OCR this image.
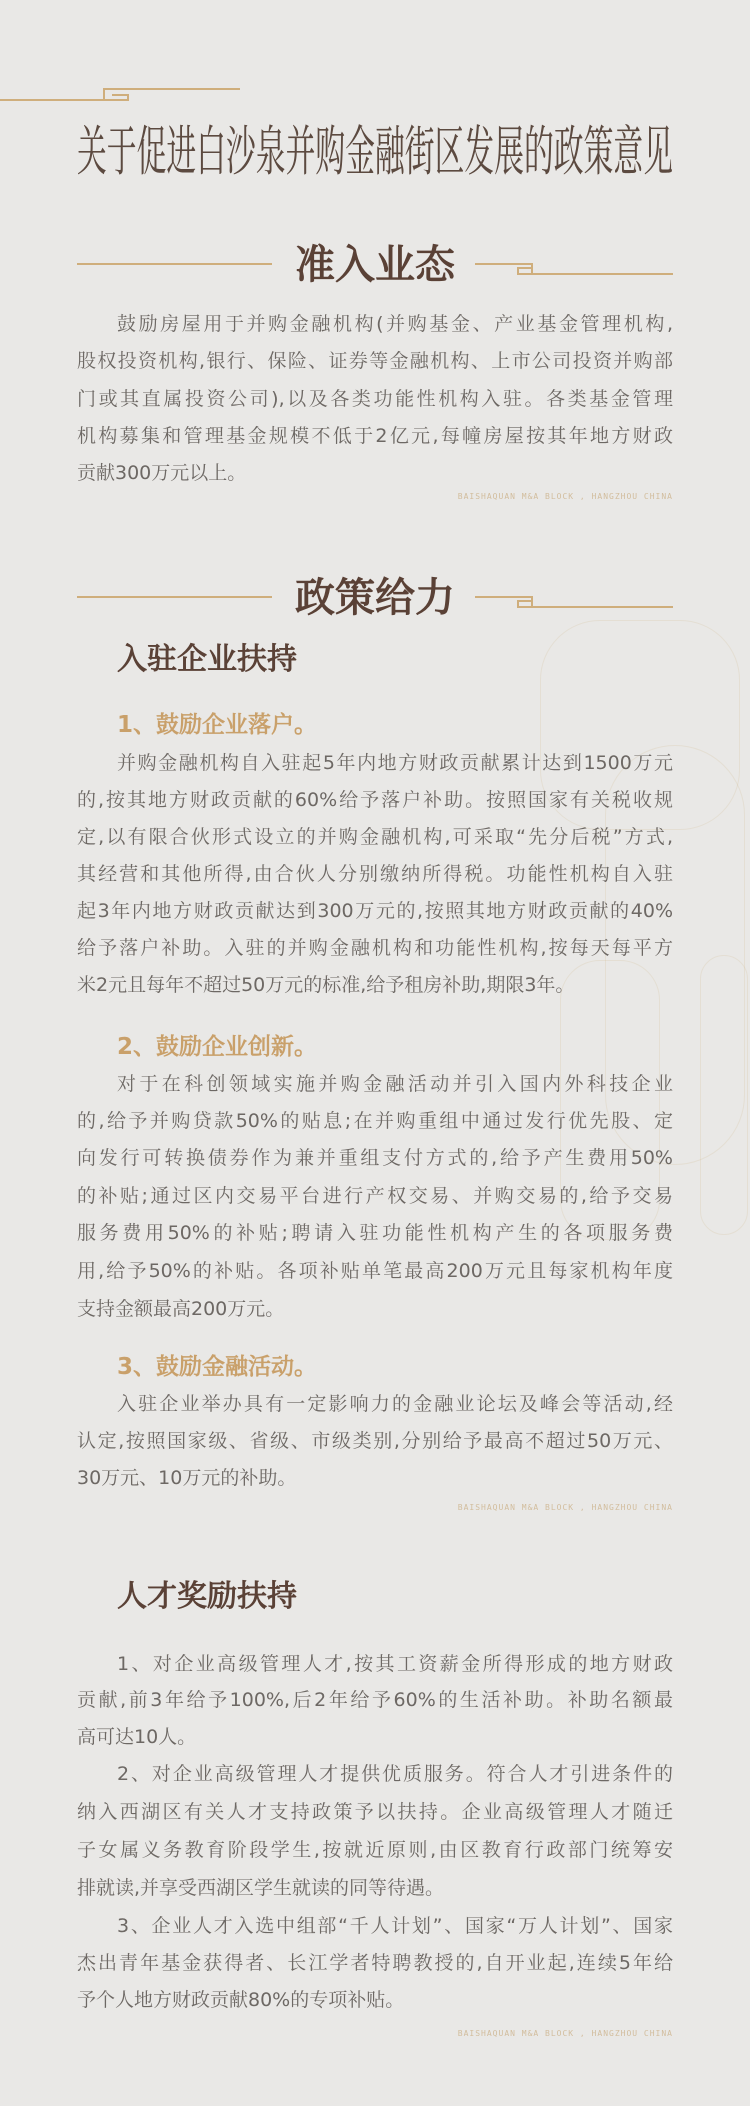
关于促进白沙泉并购金融街区发展的政策意见
准入业态
鼓励房屋用于并购金融机构(并购基金、产业基金管理机构,
股权投资机构,银行、保险、证券等金融机构、上市公司投资并购部
门或其直属投资公司),以及各类功能性机构入驻。各类基金管理
机构募集和管理基金规模不低于2亿元,每幢房屋按其年地方财政
贡献300万元以上。
BAISHAQUAN M&A BLOCK , HANGZHOU CHINA
政策给力
入驻企业扶持
1、鼓励企业落户。
并购金融机构自入驻起5年内地方财政贡献累计达到1500万元
的,按其地方财政贡献的60%给予落户补助。按照国家有关税收规
定,以有限合伙形式设立的并购金融机构,可采取“先分后税”方式,
其经营和其他所得,由合伙人分别缴纳所得税。功能性机构自入驻
起3年内地方财政贡献达到300万元的,按照其地方财政贡献的40%
给予落户补助。入驻的并购金融机构和功能性机构,按每天每平方
米2元且每年不超过50万元的标准,给予租房补助,期限3年。
2、鼓励企业创新。
对于在科创领域实施并购金融活动并引入国内外科技企业
的,给予并购贷款50%的贴息;在并购重组中通过发行优先股、定
向发行可转换债券作为兼并重组支付方式的,给予产生费用50%
的补贴;通过区内交易平台进行产权交易、并购交易的,给予交易
服务费用50%的补贴;聘请入驻功能性机构产生的各项服务费
用,给予50%的补贴。各项补贴单笔最高200万元且每家机构年度
支持金额最高200万元。
3、鼓励金融活动。
入驻企业举办具有一定影响力的金融业论坛及峰会等活动,经
认定,按照国家级、省级、市级类别,分别给予最高不超过50万元、
30万元、10万元的补助。
BAISHAQUAN M&A BLOCK , HANGZHOU CHINA
人才奖励扶持
1、对企业高级管理人才,按其工资薪金所得形成的地方财政
贡献,前3年给予100%,后2年给予60%的生活补助。补助名额最
高可达10人。
2、对企业高级管理人才提供优质服务。符合人才引进条件的
纳入西湖区有关人才支持政策予以扶持。企业高级管理人才随迁
子女属义务教育阶段学生,按就近原则,由区教育行政部门统筹安
排就读,并享受西湖区学生就读的同等待遇。
3、企业人才入选中组部“千人计划”、国家“万人计划”、国家
杰出青年基金获得者、长江学者特聘教授的,自开业起,连续5年给
予个人地方财政贡献80%的专项补贴。
BAISHAQUAN M&A BLOCK , HANGZHOU CHINA
